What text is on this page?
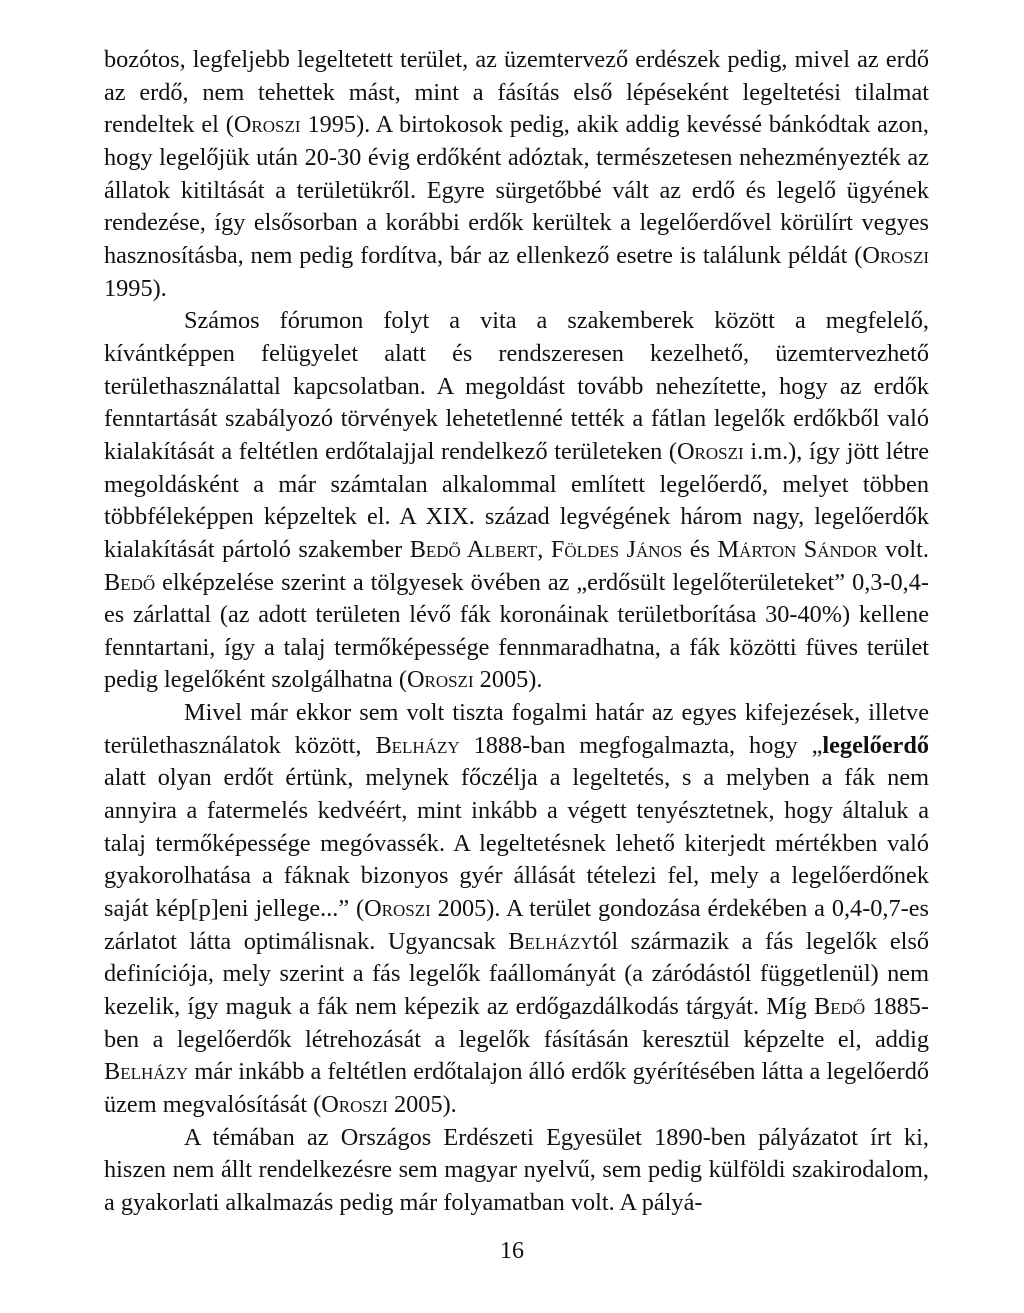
bozótos, legfeljebb legeltetett terület, az üzemtervező erdészek pedig, mivel az erdő az erdő, nem tehettek mást, mint a fásítás első lépéseként legeltetési tilalmat rendeltek el (Oroszi 1995). A birtokosok pedig, akik addig kevéssé bánkódtak azon, hogy legelőjük után 20-30 évig erdőként adóztak, természetesen nehezményezték az állatok kitiltását a területükről. Egyre sürgetőbbé vált az erdő és legelő ügyének rendezése, így elsősorban a korábbi erdők kerültek a legelőerdővel körülírt vegyes hasznosításba, nem pedig fordítva, bár az ellenkező esetre is találunk példát (Oroszi 1995).

Számos fórumon folyt a vita a szakemberek között a megfelelő, kívántképpen felügyelet alatt és rendszeresen kezelhető, üzemtervezhető területhasználattal kapcsolatban. A megoldást tovább nehezítette, hogy az erdők fenntartását szabályozó törvények lehetetlenné tették a fátlan legelők erdőkből való kialakítását a feltétlen erdőtalajjal rendelkező területeken (Oroszi i.m.), így jött létre megoldásként a már számtalan alkalommal említett legelőerdő, melyet többen többféleképpen képzeltek el. A XIX. század legvégének három nagy, legelőerdők kialakítását pártoló szakember Bedő Albert, Földes János és Márton Sándor volt. Bedő elképzelése szerint a tölgyesek övében az „erdősült legelőterületeket” 0,3-0,4-es zárlattal (az adott területen lévő fák koronáinak területborítása 30-40%) kellene fenntartani, így a talaj termőképessége fennmaradhatna, a fák közötti füves terület pedig legelőként szolgálhatna (Oroszi 2005).

Mivel már ekkor sem volt tiszta fogalmi határ az egyes kifejezések, illetve területhasználatok között, Belházy 1888-ban megfogalmazta, hogy „legelőerdő alatt olyan erdőt értünk, melynek főczélja a legeltetés, s a melyben a fák nem annyira a fatermelés kedvéért, mint inkább a végett tenyésztetnek, hogy általuk a talaj termőképessége megóvassék. A legeltetésnek lehető kiterjedt mértékben való gyakorolhatása a fáknak bizonyos gyér állását tételezi fel, mely a legelőerdőnek saját kép[p]eni jellege...” (Oroszi 2005). A terület gondozása érdekében a 0,4-0,7-es zárlatot látta optimálisnak. Ugyancsak Belházytól származik a fás legelők első definíciója, mely szerint a fás legelők faállományát (a záródástól függetlenül) nem kezelik, így maguk a fák nem képezik az erdőgazdálkodás tárgyát. Míg Bedő 1885-ben a legelőerdők létrehozását a legelők fásításán keresztül képzelte el, addig Belházy már inkább a feltétlen erdőtalajon álló erdők gyérítésében látta a legelőerdő üzem megvalósítását (Oroszi 2005).

A témában az Országos Erdészeti Egyesület 1890-ben pályázatot írt ki, hiszen nem állt rendelkezésre sem magyar nyelvű, sem pedig külföldi szakirodalom, a gyakorlati alkalmazás pedig már folyamatban volt. A pályá-

16
